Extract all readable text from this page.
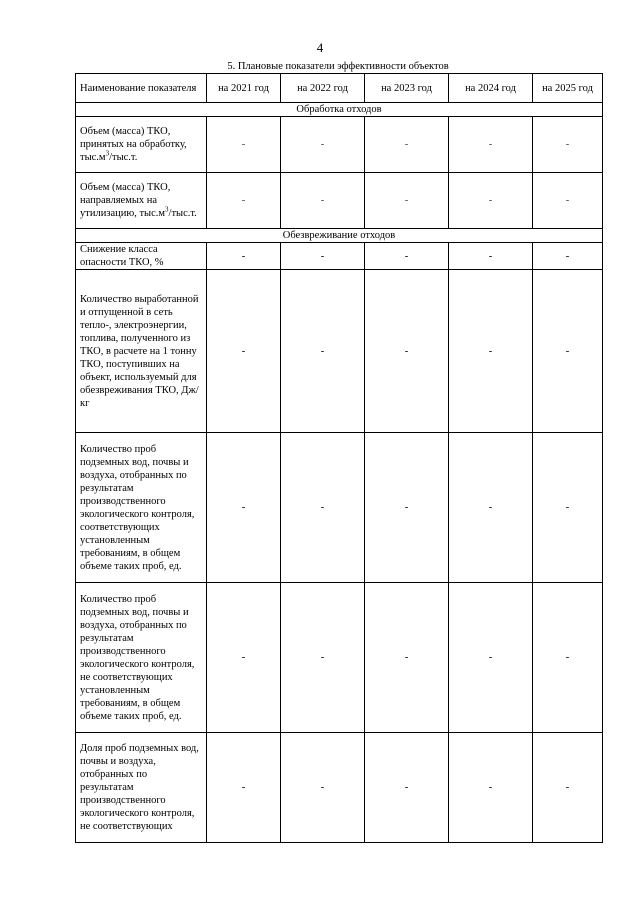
4
5. Плановые показатели эффективности объектов
Наименование показателя	на 2021 год	на 2022 год	на 2023 год	на 2024 год	на 2025 год
Обработка отходов					
Объем (масса) ТКО, принятых на обработку, $тыс.м^3/тыс.т$.	-	-	-	-	-
Объем (масса) ТКО, направляемых на утилизацию, $тыс.м^3/тыс.т$.	-	-	-	-	-
Обезвреживание отходов					
Снижение класса опасности ТКО, %	-	-	-	-	-
Количество выработанной и отпущенной в сеть тепло-, электроэнергии, топлива, полученного из ТКО, в расчете на 1 тонну ТКО, поступивших на объект, используемый для обезвреживания ТКО, Дж/кг	-	-	-	-	-
Количество проб подземных вод, почвы и воздуха, отобранных по результатам производственного экологического контроля, соответствующих установленным требованиям, в общем объеме таких проб, ед.	-	-	-	-	-
Количество проб подземных вод, почвы и воздуха, отобранных по результатам производственного экологического контроля, не соответствующих установленным требованиям, в общем объеме таких проб, ед.	-	-	-	-	-
Доля проб подземных вод, почвы и воздуха, отобранных по результатам производственного экологического контроля, не соответствующих	-	-	-	-	-
